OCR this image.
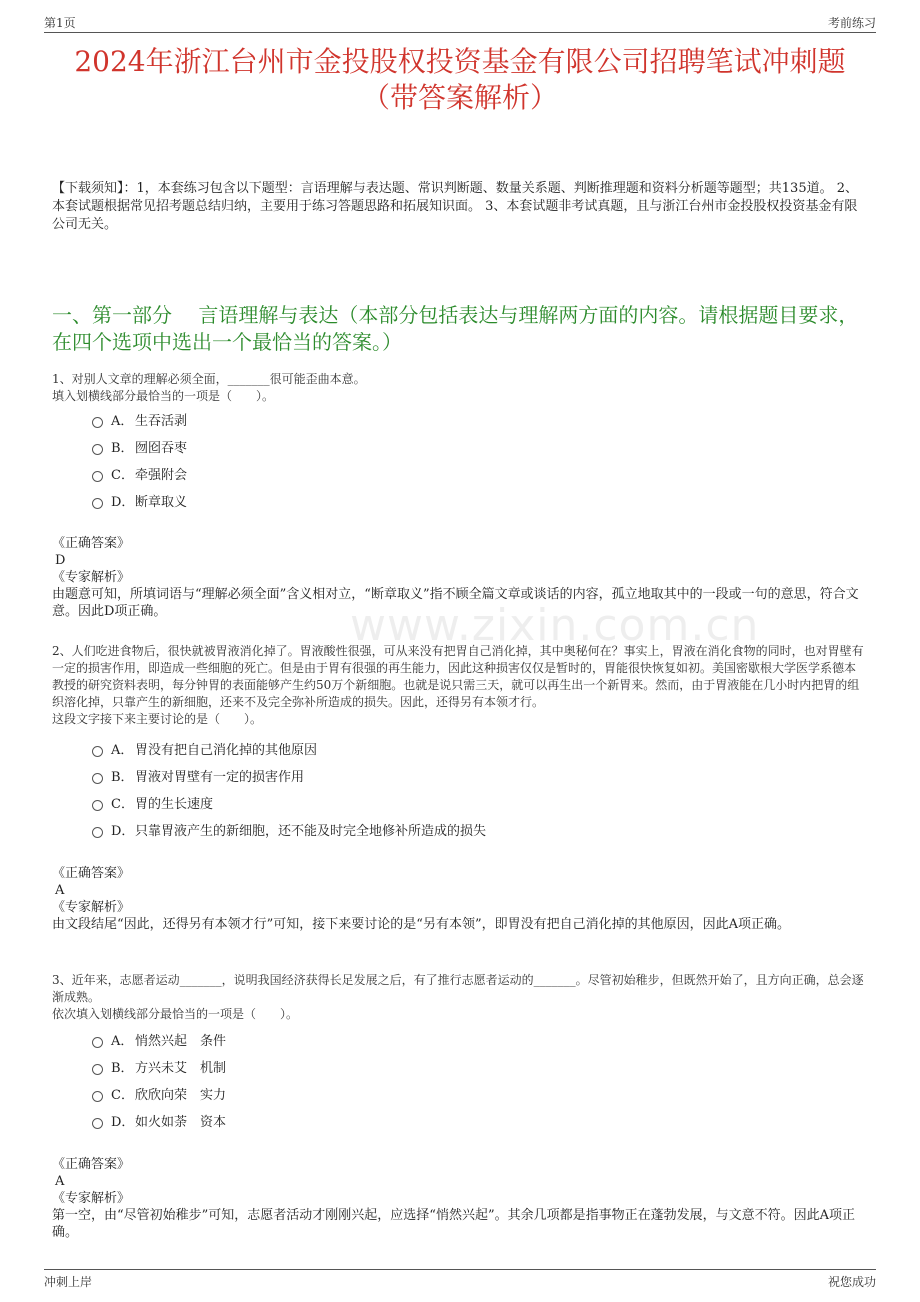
第1页	考前练习
2024年浙江台州市金投股权投资基金有限公司招聘笔试冲刺题
（带答案解析）
【下载须知】：1，本套练习包含以下题型：言语理解与表达题、常识判断题、数量关系题、判断推理题和资料分析题等题型；共135道。 2、本套试题根据常见招考题总结归纳，主要用于练习答题思路和拓展知识面。 3、本套试题非考试真题，且与浙江台州市金投股权投资基金有限公司无关。
一、第一部分　 言语理解与表达（本部分包括表达与理解两方面的内容。请根据题目要求，在四个选项中选出一个最恰当的答案。）
www.zixin.com.cn
1、对别人文章的理解必须全面，_______很可能歪曲本意。
填入划横线部分最恰当的一项是（　　）。
A． 生吞活剥
B．囫囵吞枣
C．牵强附会
D．断章取义
《正确答案》
D
《专家解析》
由题意可知，所填词语与“理解必须全面”含义相对立，“断章取义”指不顾全篇文章或谈话的内容，孤立地取其中的一段或一句的意思，符合文意。因此D项正确。
2、人们吃进食物后，很快就被胃液消化掉了。胃液酸性很强，可从来没有把胃自己消化掉，其中奥秘何在？事实上，胃液在消化食物的同时，也对胃壁有一定的损害作用，即造成一些细胞的死亡。但是由于胃有很强的再生能力，因此这种损害仅仅是暂时的，胃能很快恢复如初。美国密歇根大学医学系德本教授的研究资料表明，每分钟胃的表面能够产生约50万个新细胞。也就是说只需三天，就可以再生出一个新胃来。然而，由于胃液能在几小时内把胃的组织溶化掉，只靠产生的新细胞，还来不及完全弥补所造成的损失。因此，还得另有本领才行。
这段文字接下来主要讨论的是（　　）。
A． 胃没有把自己消化掉的其他原因
B．胃液对胃壁有一定的损害作用
C．胃的生长速度
D．只靠胃液产生的新细胞，还不能及时完全地修补所造成的损失
《正确答案》
A
《专家解析》
由文段结尾“因此，还得另有本领才行”可知，接下来要讨论的是“另有本领”，即胃没有把自己消化掉的其他原因，因此A项正确。
3、近年来，志愿者运动_______，说明我国经济获得长足发展之后，有了推行志愿者运动的_______。尽管初始稚步，但既然开始了，且方向正确，总会逐渐成熟。
依次填入划横线部分最恰当的一项是（　　）。
A． 悄然兴起　条件
B．方兴未艾　机制
C．欣欣向荣　实力
D．如火如荼　资本
《正确答案》
A
《专家解析》
第一空，由“尽管初始稚步”可知，志愿者活动才刚刚兴起，应选择“悄然兴起”。其余几项都是指事物正在蓬勃发展，与文意不符。因此A项正确。
冲刺上岸	祝您成功
